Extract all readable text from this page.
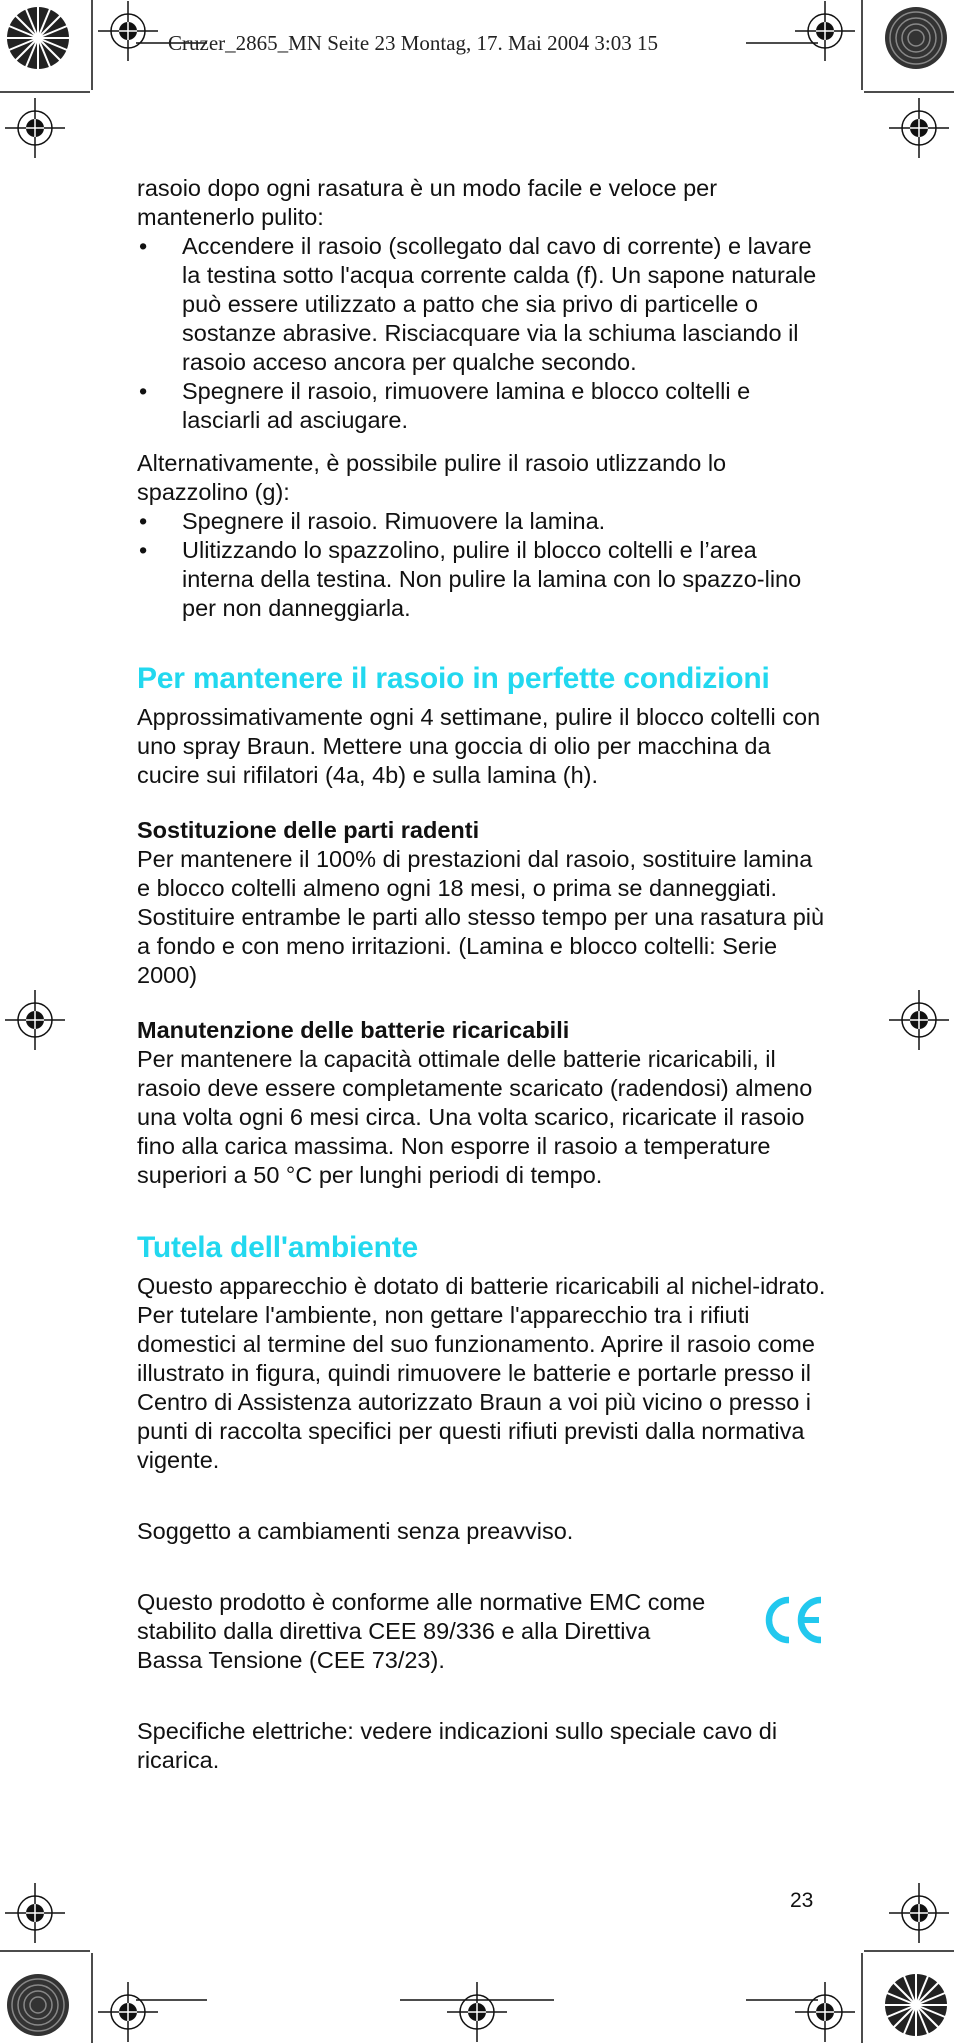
Cruzer_2865_MN Seite 23 Montag, 17. Mai 2004 3:03 15

rasoio dopo ogni rasatura è un modo facile e veloce per mantenerlo pulito:

• Accendere il rasoio (scollegato dal cavo di corrente) e lavare la testina sotto l'acqua corrente calda (f). Un sapone naturale può essere utilizzato a patto che sia privo di particelle o sostanze abrasive. Risciacquare via la schiuma lasciando il rasoio acceso ancora per qualche secondo.
• Spegnere il rasoio, rimuovere lamina e blocco coltelli e lasciarli ad asciugare.

Alternativamente, è possibile pulire il rasoio utlizzando lo spazzolino (g):

• Spegnere il rasoio. Rimuovere la lamina.
• Ulitizzando lo spazzolino, pulire il blocco coltelli e l’area interna della testina. Non pulire la lamina con lo spazzo-lino per non danneggiarla.
Per mantenere il rasoio in perfette condizioni

Approssimativamente ogni 4 settimane, pulire il blocco coltelli con uno spray Braun. Mettere una goccia di olio per macchina da cucire sui rifilatori (4a, 4b) e sulla lamina (h).

Sostituzione delle parti radenti

Per mantenere il 100% di prestazioni dal rasoio, sostituire lamina e blocco coltelli almeno ogni 18 mesi, o prima se danneggiati. Sostituire entrambe le parti allo stesso tempo per una rasatura più a fondo e con meno irritazioni. (Lamina e blocco coltelli: Serie 2000)

Manutenzione delle batterie ricaricabili

Per mantenere la capacità ottimale delle batterie ricaricabili, il rasoio deve essere completamente scaricato (radendosi) almeno una volta ogni 6 mesi circa. Una volta scarico, ricaricate il rasoio fino alla carica massima. Non esporre il rasoio a temperature superiori a 50 °C per lunghi periodi di tempo.

Tutela dell'ambiente

Questo apparecchio è dotato di batterie ricaricabili al nichel-idrato. Per tutelare l'ambiente, non gettare l'apparecchio tra i rifiuti domestici al termine del suo funzionamento. Aprire il rasoio come illustrato in figura, quindi rimuovere le batterie e portarle presso il Centro di Assistenza autorizzato Braun a voi più vicino o presso i punti di raccolta specifici per questi rifiuti previsti dalla normativa vigente.

Soggetto a cambiamenti senza preavviso.

Questo prodotto è conforme alle normative EMC come stabilito dalla direttiva CEE 89/336 e alla Direttiva Bassa Tensione (CEE 73/23).

Specifiche elettriche: vedere indicazioni sullo speciale cavo di ricarica.

23
